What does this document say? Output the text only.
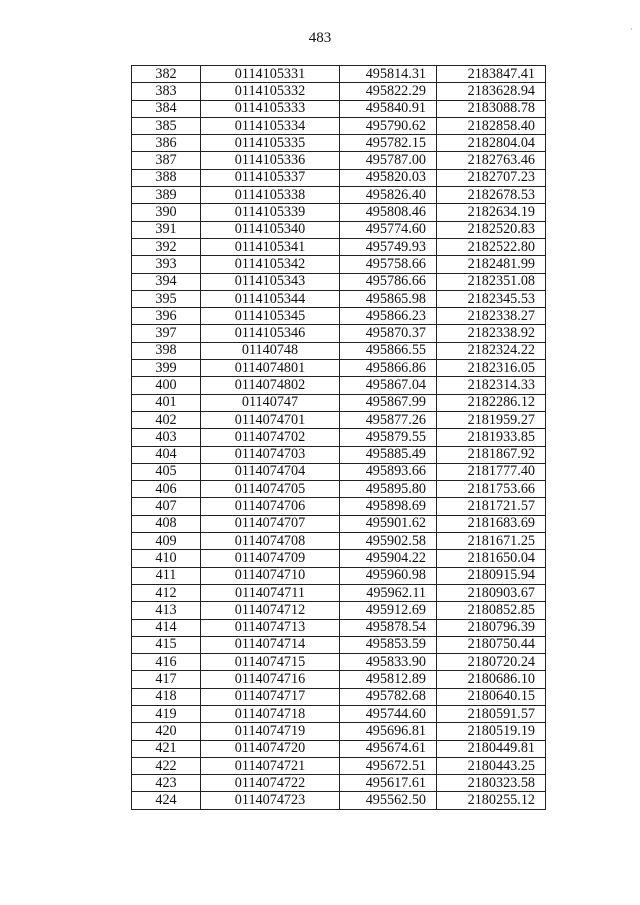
483
·
382	0114105331	495814.31	2183847.41
383	0114105332	495822.29	2183628.94
384	0114105333	495840.91	2183088.78
385	0114105334	495790.62	2182858.40
386	0114105335	495782.15	2182804.04
387	0114105336	495787.00	2182763.46
388	0114105337	495820.03	2182707.23
389	0114105338	495826.40	2182678.53
390	0114105339	495808.46	2182634.19
391	0114105340	495774.60	2182520.83
392	0114105341	495749.93	2182522.80
393	0114105342	495758.66	2182481.99
394	0114105343	495786.66	2182351.08
395	0114105344	495865.98	2182345.53
396	0114105345	495866.23	2182338.27
397	0114105346	495870.37	2182338.92
398	01140748	495866.55	2182324.22
399	0114074801	495866.86	2182316.05
400	0114074802	495867.04	2182314.33
401	01140747	495867.99	2182286.12
402	0114074701	495877.26	2181959.27
403	0114074702	495879.55	2181933.85
404	0114074703	495885.49	2181867.92
405	0114074704	495893.66	2181777.40
406	0114074705	495895.80	2181753.66
407	0114074706	495898.69	2181721.57
408	0114074707	495901.62	2181683.69
409	0114074708	495902.58	2181671.25
410	0114074709	495904.22	2181650.04
411	0114074710	495960.98	2180915.94
412	0114074711	495962.11	2180903.67
413	0114074712	495912.69	2180852.85
414	0114074713	495878.54	2180796.39
415	0114074714	495853.59	2180750.44
416	0114074715	495833.90	2180720.24
417	0114074716	495812.89	2180686.10
418	0114074717	495782.68	2180640.15
419	0114074718	495744.60	2180591.57
420	0114074719	495696.81	2180519.19
421	0114074720	495674.61	2180449.81
422	0114074721	495672.51	2180443.25
423	0114074722	495617.61	2180323.58
424	0114074723	495562.50	2180255.12
